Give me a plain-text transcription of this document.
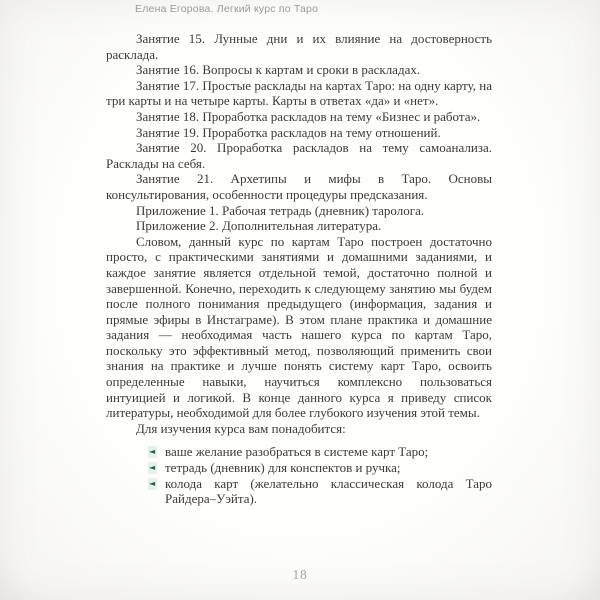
Елена Егорова. Легкий курс по Таро

Занятие 15. Лунные дни и их влияние на достоверность расклада.

Занятие 16. Вопросы к картам и сроки в раскладах.

Занятие 17. Простые расклады на картах Таро: на одну карту, на три карты и на четыре карты. Карты в ответах «да» и «нет».

Занятие 18. Проработка раскладов на тему «Бизнес и работа».

Занятие 19. Проработка раскладов на тему отношений.

Занятие 20. Проработка раскладов на тему самоанализа. Расклады на себя.

Занятие 21. Архетипы и мифы в Таро. Основы консультирования, особенности процедуры предсказания.

Приложение 1. Рабочая тетрадь (дневник) таролога.

Приложение 2. Дополнительная литература.

Словом, данный курс по картам Таро построен достаточно просто, с практическими занятиями и домашними заданиями, и каждое занятие является отдельной темой, достаточно полной и завершенной. Конечно, переходить к следующему занятию мы будем после полного понимания предыдущего (информация, задания и прямые эфиры в Инстаграме). В этом плане практика и домашние задания — необходимая часть нашего курса по картам Таро, поскольку это эффективный метод, позволяющий применить свои знания на практике и лучше понять систему карт Таро, освоить определенные навыки, научиться комплексно пользоваться интуицией и логикой. В конце данного курса я приведу список литературы, необходимой для более глубокого изучения этой темы.

Для изучения курса вам понадобится:

◄ ваше желание разобраться в системе карт Таро;
◄ тетрадь (дневник) для конспектов и ручка;
◄ колода карт (желательно классическая колода Таро Райдера–Уэйта).
18
